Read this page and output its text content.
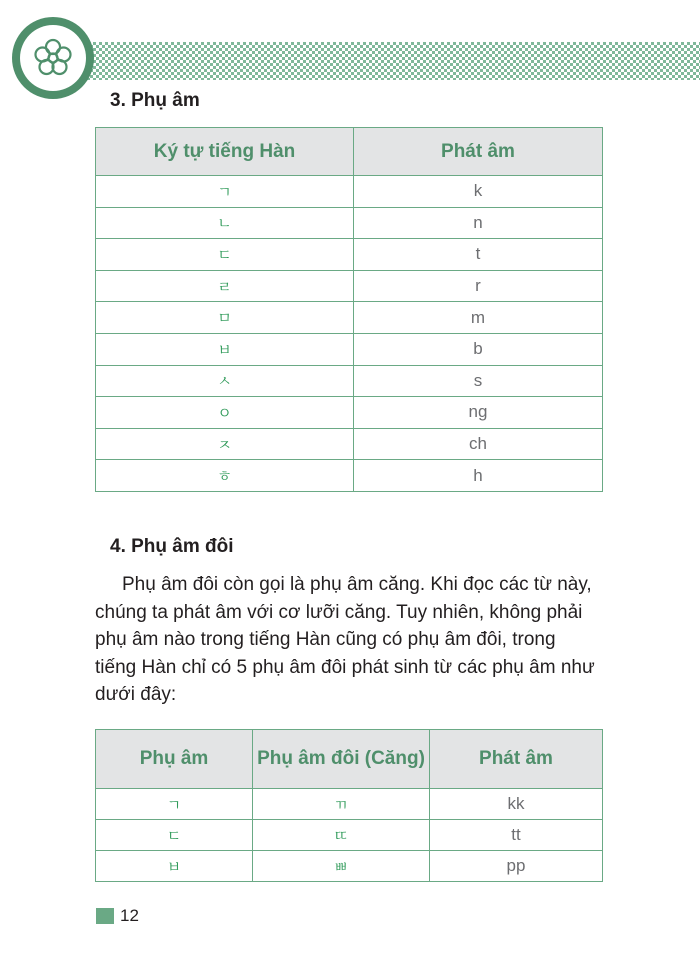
3. Phụ âm
Ký tự tiếng Hàn	Phát âm
ㄱ	k
ㄴ	n
ㄷ	t
ㄹ	r
ㅁ	m
ㅂ	b
ㅅ	s
ㅇ	ng
ㅈ	ch
ㅎ	h
4. Phụ âm đôi
Phụ âm đôi còn gọi là phụ âm căng. Khi đọc các từ này,
chúng ta phát âm với cơ lưỡi căng. Tuy nhiên, không phải
phụ âm nào trong tiếng Hàn cũng có phụ âm đôi, trong
tiếng Hàn chỉ có 5 phụ âm đôi phát sinh từ các phụ âm như
dưới đây:
Phụ âm	Phụ âm đôi (Căng)	Phát âm
ㄱ	ㄲ	kk
ㄷ	ㄸ	tt
ㅂ	ㅃ	pp
12
